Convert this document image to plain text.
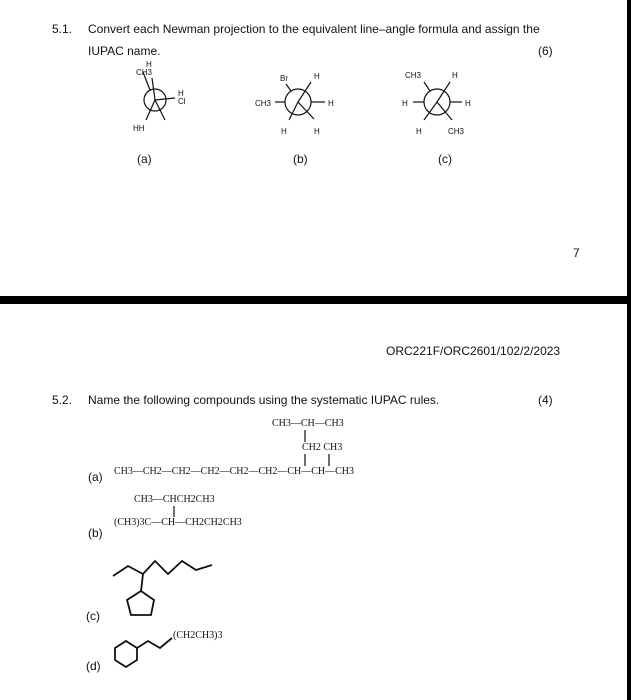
5.1. Convert each Newman projection to the equivalent line–angle formula and assign the
IUPAC name.	(6)
CH3
H
H
Cl
HH
Br	H
CH3	H
H	H
CH3	H
H	H
H	CH3
(a)	(b)	(c)
7
ORC221F/ORC2601/102/2/2023
5.2. Name the following compounds using the systematic IUPAC rules.	(4)
(a)
CH3—CH—CH3
CH2 CH3
CH3—CH2—CH2—CH2—CH2—CH2—CH—CH—CH3
(b)
CH3—CHCH2CH3
(CH3)3C—CH—CH2CH2CH3
(c)
(d)
(CH2CH3)3
